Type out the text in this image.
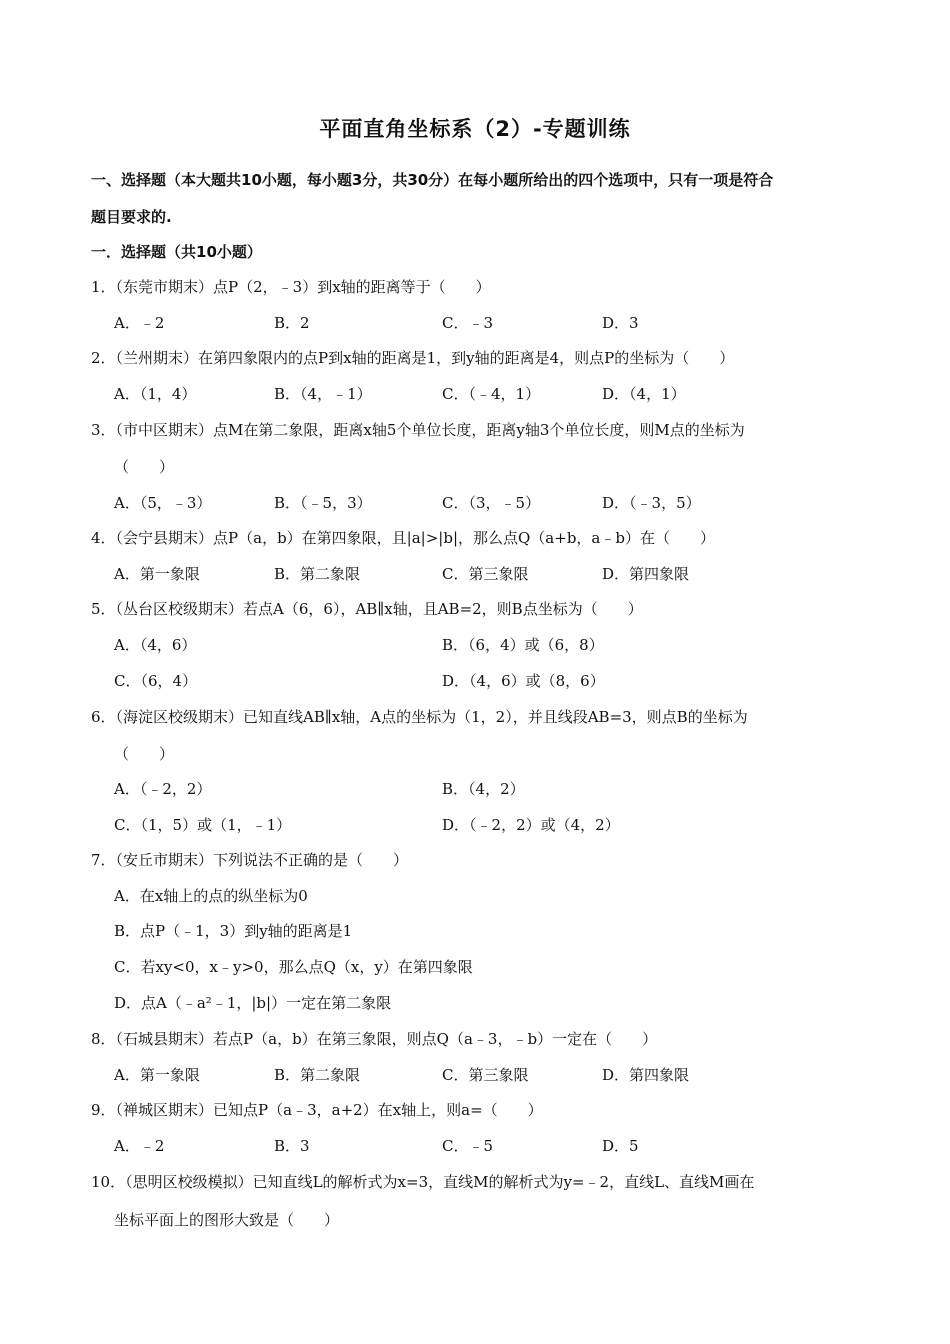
平面直角坐标系（2）-专题训练
一、选择题（本大题共10小题，每小题3分，共30分）在每小题所给出的四个选项中，只有一项是符合
题目要求的.
一．选择题（共10小题）
1．（东莞市期末）点P（2，﹣3）到x轴的距离等于（　　）
A．﹣2	B．2	C．﹣3	D．3
2．（兰州期末）在第四象限内的点P到x轴的距离是1，到y轴的距离是4，则点P的坐标为（　　）
A．（1，4）	B．（4，﹣1）	C．（﹣4，1）	D．（4，1）
3．（市中区期末）点M在第二象限，距离x轴5个单位长度，距离y轴3个单位长度，则M点的坐标为
（　　）
A．（5，﹣3）	B．（﹣5，3）	C．（3，﹣5）	D．（﹣3，5）
4．（会宁县期末）点P（a，b）在第四象限，且|a|>|b|，那么点Q（a+b，a﹣b）在（　　）
A．第一象限	B．第二象限	C．第三象限	D．第四象限
5．（丛台区校级期末）若点A（6，6），AB∥x轴，且AB=2，则B点坐标为（　　）
A．（4，6）	B．（6，4）或（6，8）
C．（6，4）	D．（4，6）或（8，6）
6．（海淀区校级期末）已知直线AB∥x轴，A点的坐标为（1，2），并且线段AB=3，则点B的坐标为
（　　）
A．（﹣2，2）	B．（4，2）
C．（1，5）或（1，﹣1）	D．（﹣2，2）或（4，2）
7．（安丘市期末）下列说法不正确的是（　　）
A．在x轴上的点的纵坐标为0
B．点P（﹣1，3）到y轴的距离是1
C．若xy<0，x﹣y>0，那么点Q（x，y）在第四象限
D．点A（﹣a²﹣1，|b|）一定在第二象限
8．（石城县期末）若点P（a，b）在第三象限，则点Q（a﹣3，﹣b）一定在（　　）
A．第一象限	B．第二象限	C．第三象限	D．第四象限
9．（禅城区期末）已知点P（a﹣3，a+2）在x轴上，则a=（　　）
A．﹣2	B．3	C．﹣5	D．5
10．（思明区校级模拟）已知直线L的解析式为x=3，直线M的解析式为y=﹣2，直线L、直线M画在
坐标平面上的图形大致是（　　）
